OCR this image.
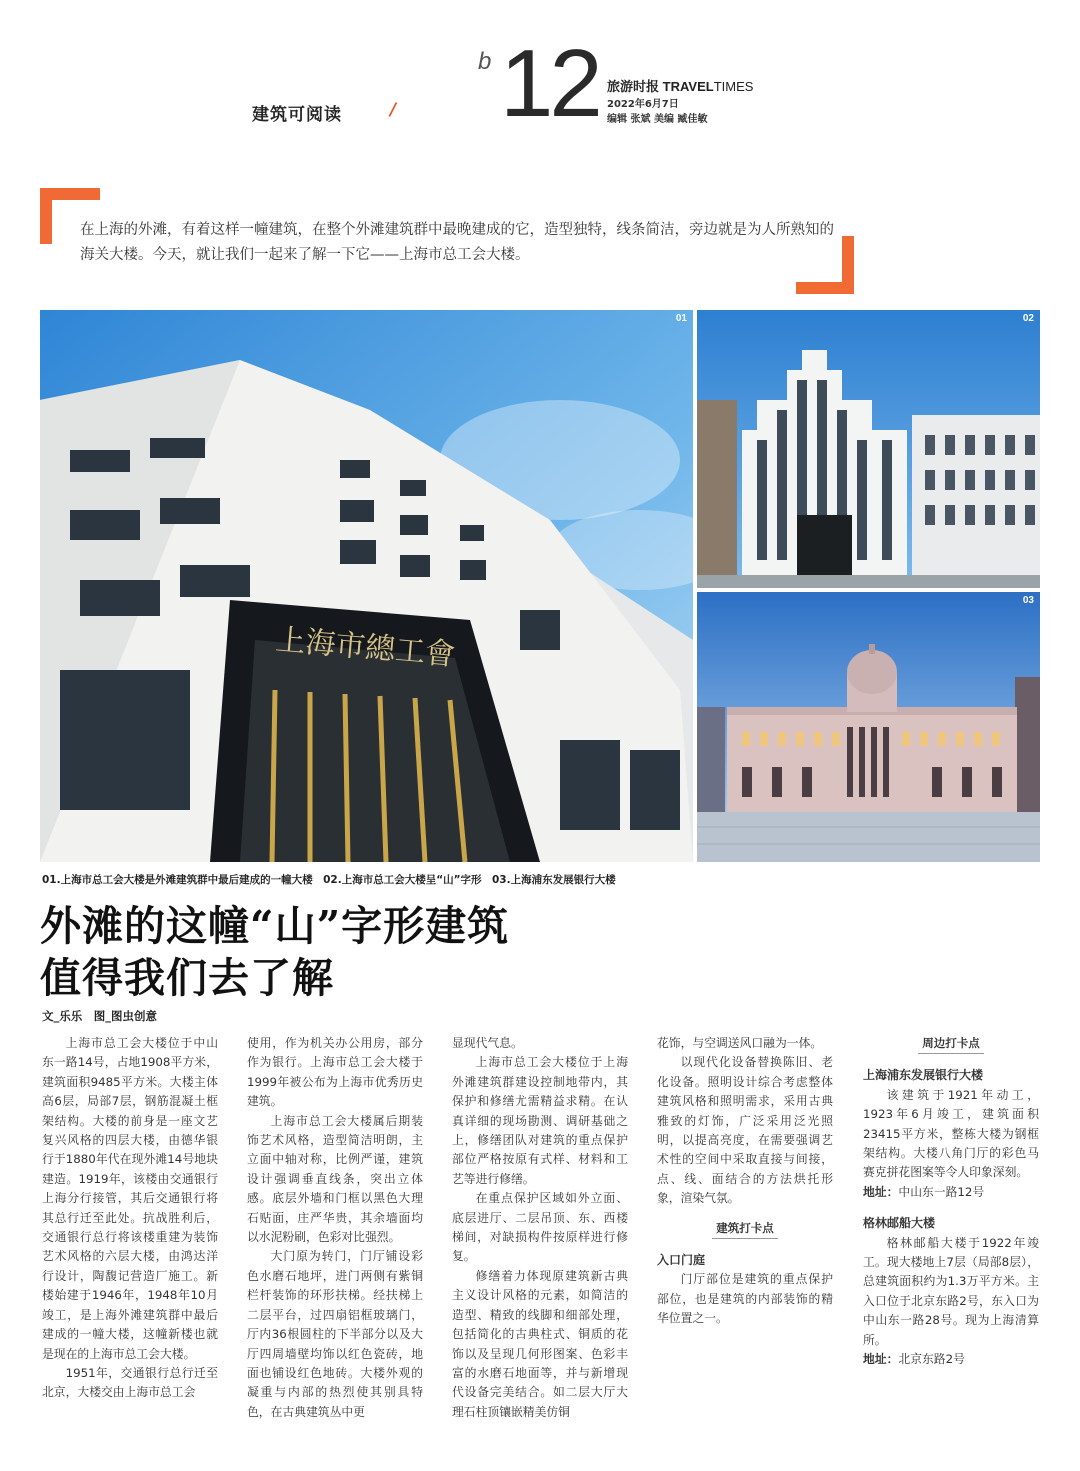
建筑可阅读	/
b 12 旅游时报 TRAVELTIMES
2022年6月7日
编辑 张斌 美编 臧佳敏
在上海的外滩，有着这样一幢建筑，在整个外滩建筑群中最晚建成的它，造型独特，线条简洁，旁边就是为人所熟知的海关大楼。今天，就让我们一起来了解一下它——上海市总工会大楼。
上海市總工會
01	02
03
01.上海市总工会大楼是外滩建筑群中最后建成的一幢大楼　02.上海市总工会大楼呈“山”字形　03.上海浦东发展银行大楼
外滩的这幢“山”字形建筑
值得我们去了解
文_乐乐　图_图虫创意

上海市总工会大楼位于中山东一路14号，占地1908平方米，建筑面积9485平方米。大楼主体高6层，局部7层，钢筋混凝土框架结构。大楼的前身是一座文艺复兴风格的四层大楼，由德华银行于1880年代在现外滩14号地块建造。1919年，该楼由交通银行上海分行接管，其后交通银行将其总行迁至此处。抗战胜利后，交通银行总行将该楼重建为装饰艺术风格的六层大楼，由鸿达洋行设计，陶馥记营造厂施工。新楼始建于1946年，1948年10月竣工，是上海外滩建筑群中最后建成的一幢大楼，这幢新楼也就是现在的上海市总工会大楼。

1951年，交通银行总行迁至北京，大楼交由上海市总工会

使用，作为机关办公用房，部分作为银行。上海市总工会大楼于1999年被公布为上海市优秀历史建筑。

上海市总工会大楼属后期装饰艺术风格，造型简洁明朗，主立面中轴对称，比例严谨，建筑设计强调垂直线条，突出立体感。底层外墙和门框以黑色大理石贴面，庄严华贵，其余墙面均以水泥粉刷，色彩对比强烈。

大门原为转门，门厅铺设彩色水磨石地坪，进门两侧有紫铜栏杆装饰的环形扶梯。经扶梯上二层平台，过四扇铝框玻璃门，厅内36根圆柱的下半部分以及大厅四周墙壁均饰以红色瓷砖，地面也铺设红色地砖。大楼外观的凝重与内部的热烈使其别具特色，在古典建筑丛中更

显现代气息。

上海市总工会大楼位于上海外滩建筑群建设控制地带内，其保护和修缮尤需精益求精。在认真详细的现场勘测、调研基础之上，修缮团队对建筑的重点保护部位严格按原有式样、材料和工艺等进行修缮。

在重点保护区域如外立面、底层进厅、二层吊顶、东、西楼梯间，对缺损构件按原样进行修复。

修缮着力体现原建筑新古典主义设计风格的元素，如简洁的造型、精致的线脚和细部处理，包括简化的古典柱式、铜质的花饰以及呈现几何形图案、色彩丰富的水磨石地面等，并与新增现代设备完美结合。如二层大厅大理石柱顶镶嵌精美仿铜

花饰，与空调送风口融为一体。

以现代化设备替换陈旧、老化设备。照明设计综合考虑整体建筑风格和照明需求，采用古典雅致的灯饰，广泛采用泛光照明，以提高亮度，在需要强调艺术性的空间中采取直接与间接，点、线、面结合的方法烘托形象，渲染气氛。

建筑打卡点

入口门庭

门厅部位是建筑的重点保护部位，也是建筑的内部装饰的精华位置之一。

周边打卡点

上海浦东发展银行大楼

该建筑于1921年动工，1923年6月竣工，建筑面积23415平方米，整栋大楼为钢框架结构。大楼八角门厅的彩色马赛克拼花图案等令人印象深刻。

地址：中山东一路12号

格林邮船大楼

格林邮船大楼于1922年竣工。现大楼地上7层（局部8层），总建筑面积约为1.3万平方米。主入口位于北京东路2号，东入口为中山东一路28号。现为上海清算所。

地址：北京东路2号
